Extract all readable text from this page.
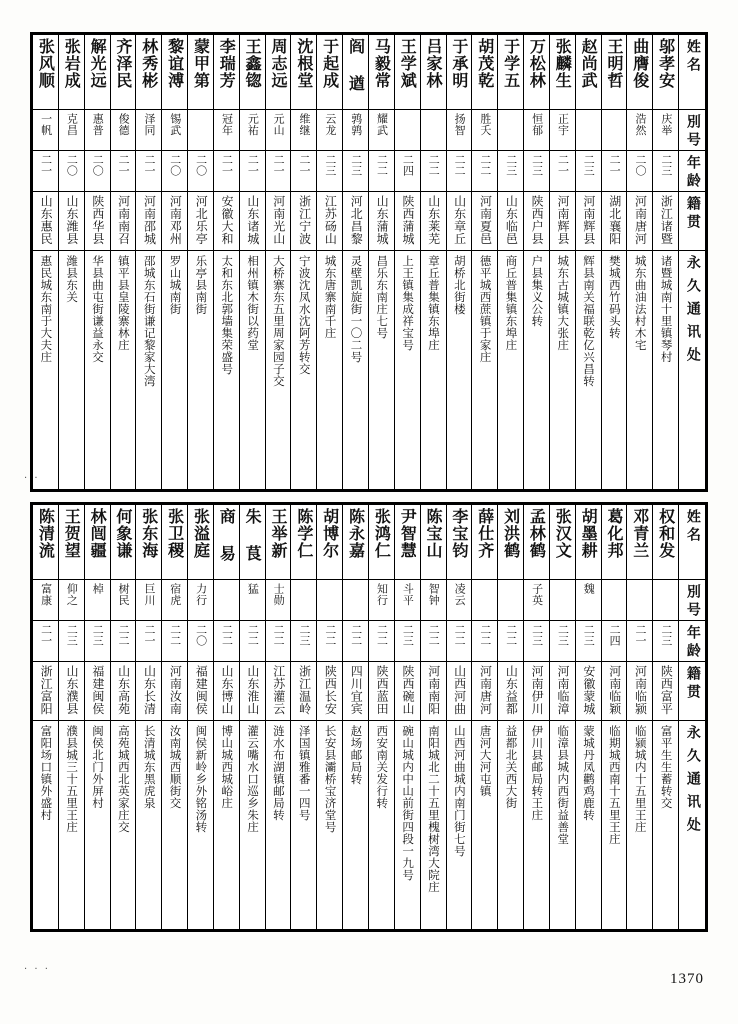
张风顺	张岩成	解光远	齐泽民	林秀彬	黎谊溥	蒙甲第	李瑞芳	王鑫锪	周志远	沈根堂	于起成	阎 遒	马毅常	王学斌	吕家林	于承明	胡茂乾	于学五	万松林	张麟生	赵尚武	王明哲	曲膺俊	邬孝安	姓名

一帆	克昌	惠普	俊德	泽同	锡武		冠年	元祐	元山	维继	云龙	鹑鹑	耀武			扬智	胜夭		恒郁	正宇			浩然	庆举	別号

二一	二〇	二〇	二一	二一	二〇	二〇	二一	二一	二一	二一	二三	二三	二二	二四	二二	二二	二二	二三	二三	二一	二三	二一	二〇	二三	年龄

山东惠民	山东潍县	陕西华县	河南南召	河南邵城	河南邓州	河北乐亭	安徽大和	山东诸城	河南光山	浙江宁波	江苏砀山	河北昌黎	山东蒲城	陕西蒲城	山东莱芜	山东章丘	河南夏邑	山东临邑	陕西户县	河南辉县	河南辉县	湖北襄阳	河南唐河	浙江诸暨	籍贯

惠民城东南于大夫庄	潍县东关	华县曲屯街谦益永交	镇平县皇陵寨林庄	邵城东石街谦记黎家大湾	罗山城南街	乐亭县南街	太和东北郭墙集荣盛号	相州镇木街以药堂	大桥寨东五里周家园子交	宁波沈凤水沈阿芳转交	城东唐寨南千庄	灵壁凯旋街一〇二号	昌乐东南庄七号	上王镇集成祥宝号	章丘普集镇东埠庄	胡桥北街楼	德平城西蔗镇于家庄	商丘普集镇东埠庄	户县集义公转	城东古城镇大张庄	辉县南关福联乾亿兴昌转	樊城西竹码头转	城东曲油法村木宅	诸暨城南十里镇琴村	永久通讯处
陈清流	王贺望	林闿疆	何象谦	张东海	张卫稷	张溢庭	商 易	朱 茛	王举新	陈学仁	胡博尔	陈永嘉	张鸿仁	尹智慧	陈宝山	李宝钧	薛仕齐	刘洪鹤	孟林鹤	张汉文	胡墨耕	葛化邦	邓青兰	权和发	姓名

富康	仰之	棹	树民	巨川	宿虎	力行		猛	士勋				知行	斗平	智钟	凌云			子英		魏				別号

二一	二三	二三	二二	二一	二二	二〇	二二	二二	二二	二三	二二	二二	二二	二三	二二	二二	二二	二二	二三	二三	二三	二四	二一	二三	年龄

浙江富阳	山东濮县	福建闽侯	山东高苑	山东长清	河南汝南	福建闽侯	山东博山	山东淮山	江苏灌云	浙江温岭	陕西长安	四川宜宾	陕西蓝田	陕西碗山	河南南阳	山西河曲	河南唐河	山东益都	河南伊川	河南临漳	安徽蒙城	河南临颖	河南临颍	陕西富平	籍贯

富阳场口镇外盛村	濮县城三十五里王庄	闽侯北门外屏村	高苑城西北英家庄交	长清城东黑虎泉	汝南城西顺街交	闽侯新岭乡外铭汤转	博山城西城峪庄	灌云嘴水口巡乡朱庄	涟水布湖镇邮局转	泽国镇雅番一四号	长安县灞桥宝济堂号	赵场邮局转	西安南关发行转	碗山城内中山前街四段一九号	南阳城北二十五里槐树湾大院庄	山西河曲城内南门街七号	唐河大河屯镇	益都北关西大街	伊川县邮局转王庄	临漳县城内西街益善堂	蒙城丹凤鹳鸡鹿转	临期城西南十五里王庄	临颍城内十五里王庄	富平生生蓄转交	永久通讯处
. .
. . .
1370
